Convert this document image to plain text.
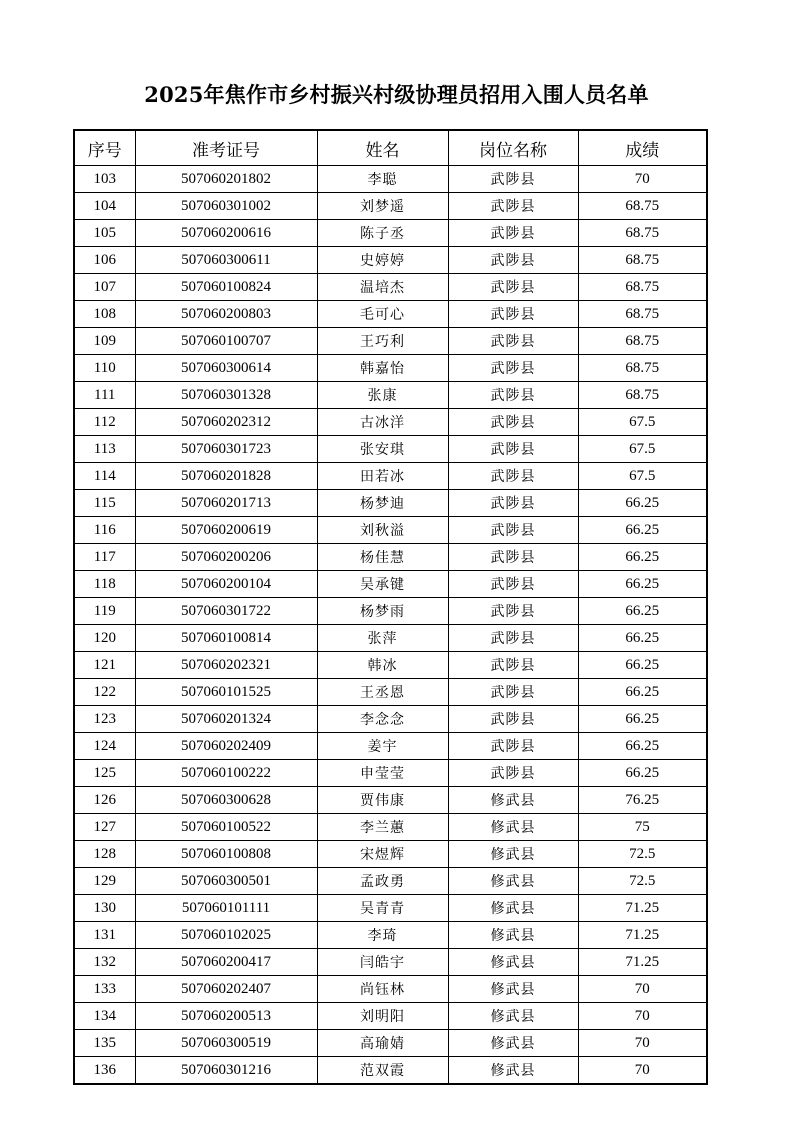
2025年焦作市乡村振兴村级协理员招用入围人员名单
序号	准考证号	姓名	岗位名称	成绩
103	507060201802	李聪	武陟县	70
104	507060301002	刘梦遥	武陟县	68.75
105	507060200616	陈子丞	武陟县	68.75
106	507060300611	史婷婷	武陟县	68.75
107	507060100824	温培杰	武陟县	68.75
108	507060200803	毛可心	武陟县	68.75
109	507060100707	王巧利	武陟县	68.75
110	507060300614	韩嘉怡	武陟县	68.75
111	507060301328	张康	武陟县	68.75
112	507060202312	古冰洋	武陟县	67.5
113	507060301723	张安琪	武陟县	67.5
114	507060201828	田若冰	武陟县	67.5
115	507060201713	杨梦迪	武陟县	66.25
116	507060200619	刘秋溢	武陟县	66.25
117	507060200206	杨佳慧	武陟县	66.25
118	507060200104	吴承键	武陟县	66.25
119	507060301722	杨梦雨	武陟县	66.25
120	507060100814	张萍	武陟县	66.25
121	507060202321	韩冰	武陟县	66.25
122	507060101525	王丞恩	武陟县	66.25
123	507060201324	李念念	武陟县	66.25
124	507060202409	姜宇	武陟县	66.25
125	507060100222	申莹莹	武陟县	66.25
126	507060300628	贾伟康	修武县	76.25
127	507060100522	李兰蕙	修武县	75
128	507060100808	宋煜辉	修武县	72.5
129	507060300501	孟政勇	修武县	72.5
130	507060101111	吴青青	修武县	71.25
131	507060102025	李琦	修武县	71.25
132	507060200417	闫皓宇	修武县	71.25
133	507060202407	尚钰林	修武县	70
134	507060200513	刘明阳	修武县	70
135	507060300519	高瑜婧	修武县	70
136	507060301216	范双霞	修武县	70
